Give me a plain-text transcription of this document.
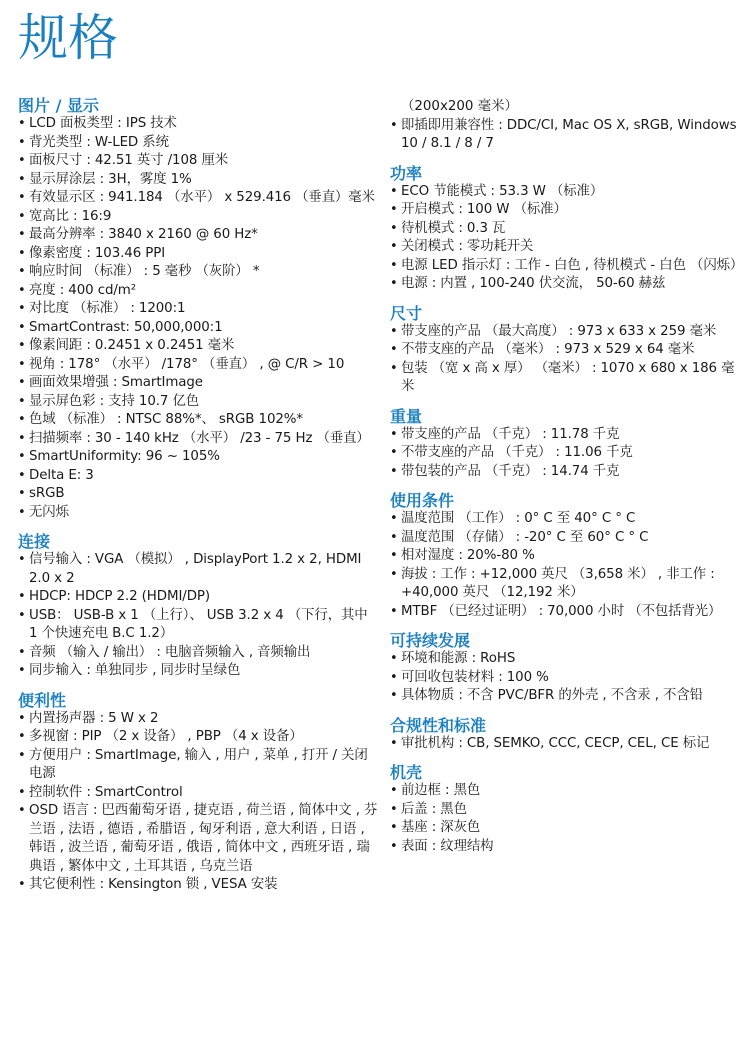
规格
图片 / 显示
• LCD 面板类型 : IPS 技术
• 背光类型 : W-LED 系统
• 面板尺寸 : 42.51 英寸 /108 厘米
• 显示屏涂层 : 3H，雾度 1%
• 有效显示区 : 941.184 （水平） x 529.416 （垂直）毫米
• 宽高比 : 16:9
• 最高分辨率 : 3840 x 2160 @ 60 Hz*
• 像素密度 : 103.46 PPI
• 响应时间 （标准） : 5 毫秒 （灰阶） *
• 亮度 : 400 cd/m²
• 对比度 （标准） : 1200:1
• SmartContrast: 50,000,000:1
• 像素间距 : 0.2451 x 0.2451 毫米
• 视角 : 178° （水平） /178° （垂直） , @ C/R > 10
• 画面效果增强 : SmartImage
• 显示屏色彩 : 支持 10.7 亿色
• 色域 （标准） : NTSC 88%*、 sRGB 102%*
• 扫描频率 : 30 - 140 kHz （水平） /23 - 75 Hz （垂直）
• SmartUniformity: 96 ~ 105%
• Delta E: 3
• sRGB
• 无闪烁
连接
• 信号输入 : VGA （模拟） , DisplayPort 1.2 x 2, HDMI 2.0 x 2
• HDCP: HDCP 2.2 (HDMI/DP)
• USB： USB-B x 1 （上行）、 USB 3.2 x 4 （下行，其中 1 个快速充电 B.C 1.2）
• 音频 （输入 / 输出） : 电脑音频输入 , 音频输出
• 同步输入 : 单独同步 , 同步时呈绿色
便利性
• 内置扬声器 : 5 W x 2
• 多视窗 : PIP （2 x 设备） , PBP （4 x 设备）
• 方便用户 : SmartImage, 输入 , 用户 , 菜单 , 打开 / 关闭电源
• 控制软件 : SmartControl
• OSD 语言 : 巴西葡萄牙语 , 捷克语 , 荷兰语 , 简体中文 , 芬兰语 , 法语 , 德语 , 希腊语 , 匈牙利语 , 意大利语 , 日语 , 韩语 , 波兰语 , 葡萄牙语 , 俄语 , 简体中文 , 西班牙语 , 瑞典语 , 繁体中文 , 土耳其语 , 乌克兰语
• 其它便利性 : Kensington 锁 , VESA 安装
（200x200 毫米）
• 即插即用兼容性 : DDC/CI, Mac OS X, sRGB, Windows 10 / 8.1 / 8 / 7
功率
• ECO 节能模式 : 53.3 W （标准）
• 开启模式 : 100 W （标准）
• 待机模式 : 0.3 瓦
• 关闭模式 : 零功耗开关
• 电源 LED 指示灯 : 工作 - 白色 , 待机模式 - 白色 （闪烁）
• 电源 : 内置 , 100-240 伏交流， 50-60 赫兹
尺寸
• 带支座的产品 （最大高度） : 973 x 633 x 259 毫米
• 不带支座的产品 （毫米） : 973 x 529 x 64 毫米
• 包装 （宽 x 高 x 厚） （毫米） : 1070 x 680 x 186 毫米
重量
• 带支座的产品 （千克） : 11.78 千克
• 不带支座的产品 （千克） : 11.06 千克
• 带包装的产品 （千克） : 14.74 千克
使用条件
• 温度范围 （工作） : 0° C 至 40° C ° C
• 温度范围 （存储） : -20° C 至 60° C ° C
• 相对湿度 : 20%-80 %
• 海拔 : 工作 : +12,000 英尺 （3,658 米） , 非工作 : +40,000 英尺 （12,192 米）
• MTBF （已经过证明） : 70,000 小时 （不包括背光）
可持续发展
• 环境和能源 : RoHS
• 可回收包装材料 : 100 %
• 具体物质 : 不含 PVC/BFR 的外壳 , 不含汞 , 不含铅
合规性和标准
• 审批机构 : CB, SEMKO, CCC, CECP, CEL, CE 标记
机壳
• 前边框 : 黑色
• 后盖 : 黑色
• 基座 : 深灰色
• 表面 : 纹理结构
